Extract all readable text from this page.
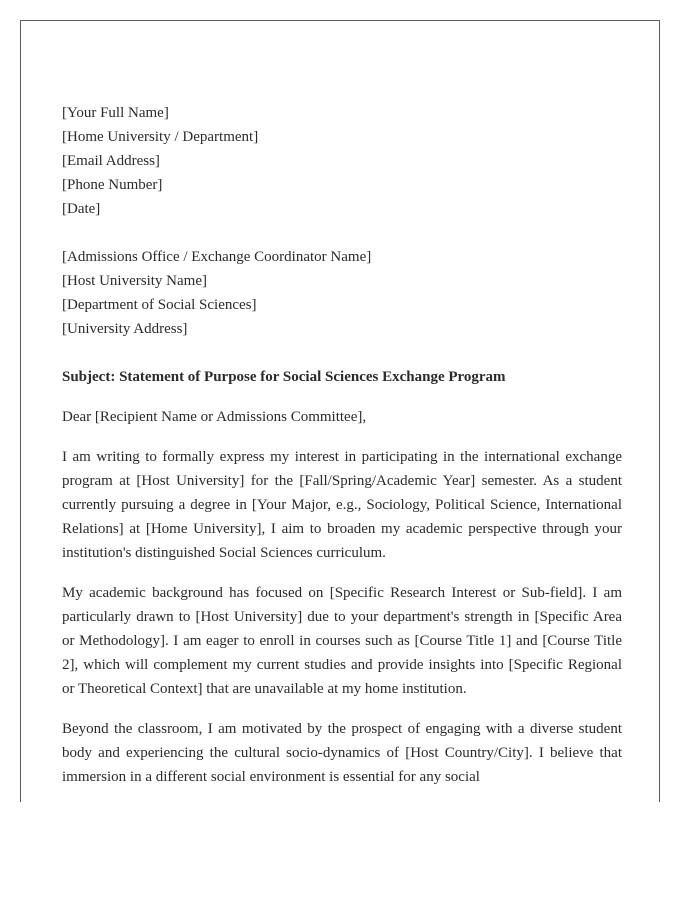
[Your Full Name]
[Home University / Department]
[Email Address]
[Phone Number]
[Date]
[Admissions Office / Exchange Coordinator Name]
[Host University Name]
[Department of Social Sciences]
[University Address]
Subject: Statement of Purpose for Social Sciences Exchange Program
Dear [Recipient Name or Admissions Committee],

I am writing to formally express my interest in participating in the international exchange program at [Host University] for the [Fall/Spring/Academic Year] semester. As a student currently pursuing a degree in [Your Major, e.g., Sociology, Political Science, International Relations] at [Home University], I aim to broaden my academic perspective through your institution's distinguished Social Sciences curriculum.

My academic background has focused on [Specific Research Interest or Sub-field]. I am particularly drawn to [Host University] due to your department's strength in [Specific Area or Methodology]. I am eager to enroll in courses such as [Course Title 1] and [Course Title 2], which will complement my current studies and provide insights into [Specific Regional or Theoretical Context] that are unavailable at my home institution.

Beyond the classroom, I am motivated by the prospect of engaging with a diverse student body and experiencing the cultural socio-dynamics of [Host Country/City]. I believe that immersion in a different social environment is essential for any social
